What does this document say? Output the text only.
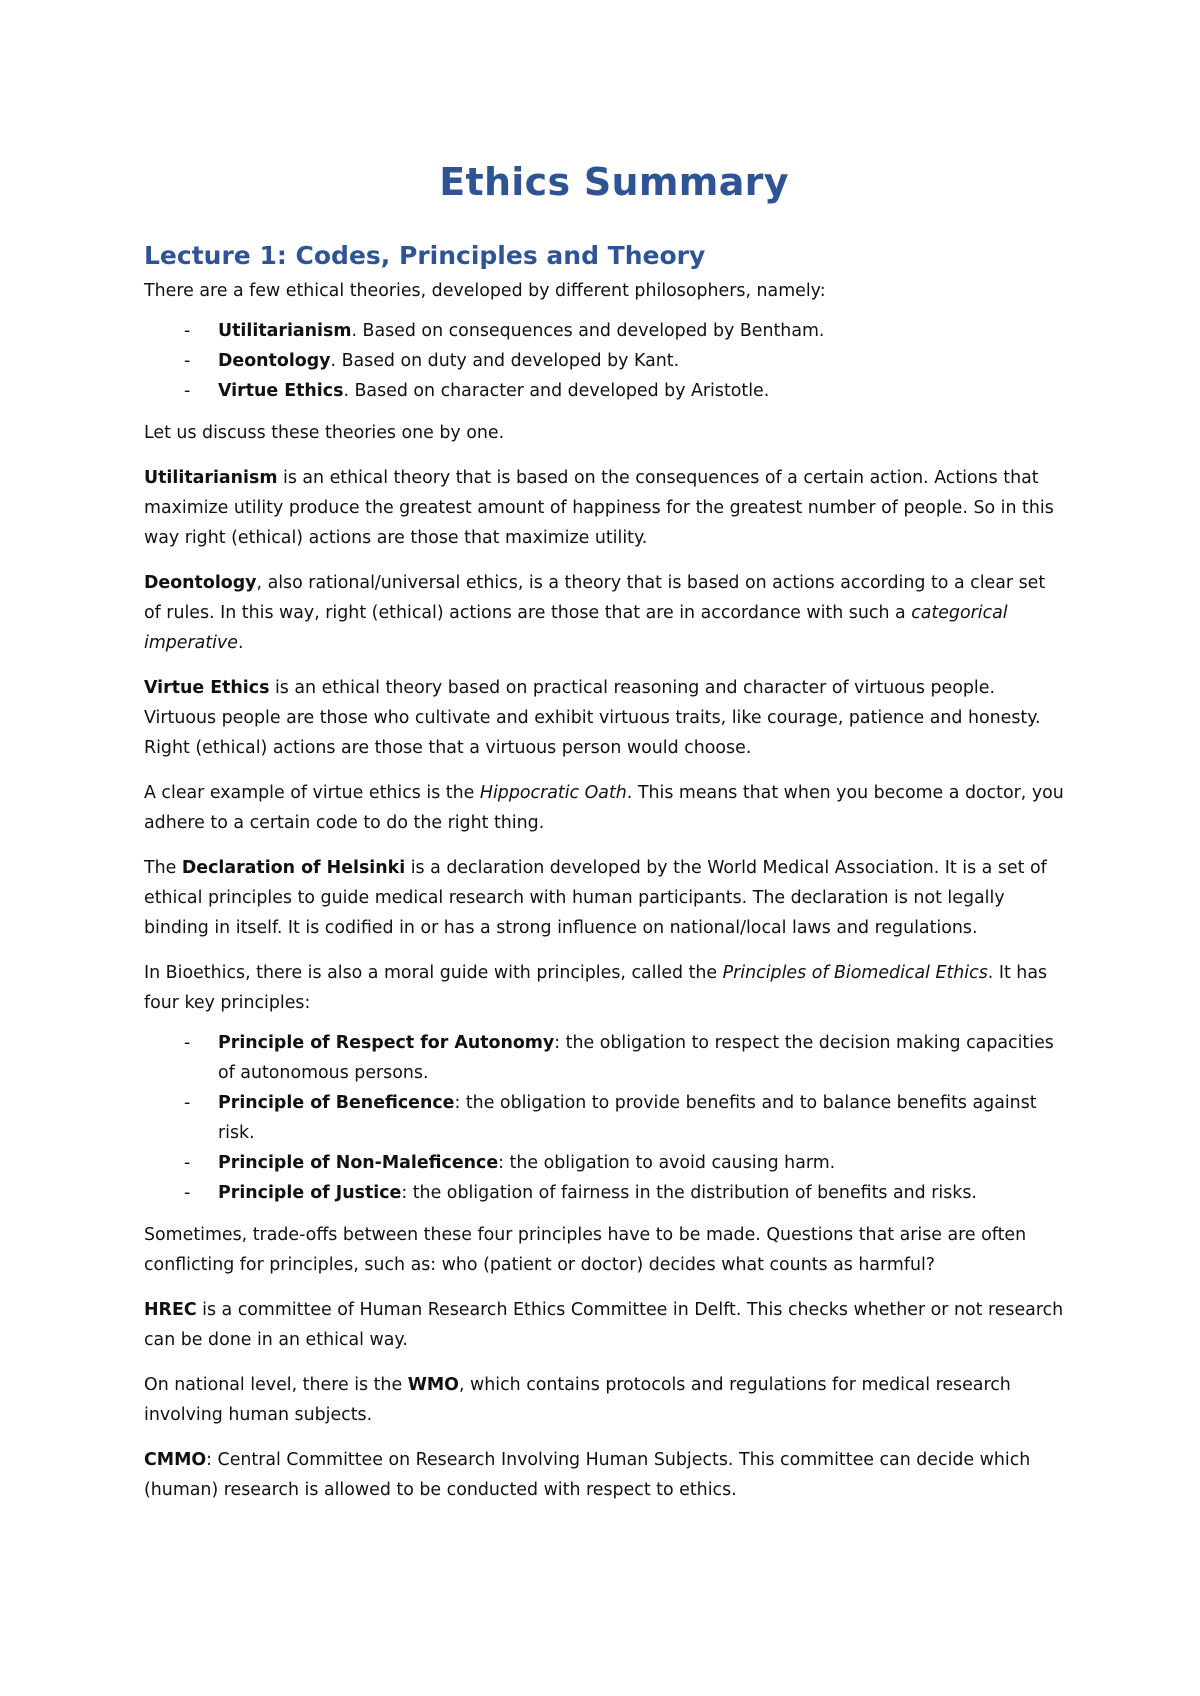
Ethics Summary
Lecture 1: Codes, Principles and Theory

There are a few ethical theories, developed by different philosophers, namely:

- Utilitarianism. Based on consequences and developed by Bentham.
- Deontology. Based on duty and developed by Kant.
- Virtue Ethics. Based on character and developed by Aristotle.

Let us discuss these theories one by one.

Utilitarianism is an ethical theory that is based on the consequences of a certain action. Actions that maximize utility produce the greatest amount of happiness for the greatest number of people. So in this way right (ethical) actions are those that maximize utility.

Deontology, also rational/universal ethics, is a theory that is based on actions according to a clear set of rules. In this way, right (ethical) actions are those that are in accordance with such a categorical imperative.

Virtue Ethics is an ethical theory based on practical reasoning and character of virtuous people. Virtuous people are those who cultivate and exhibit virtuous traits, like courage, patience and honesty. Right (ethical) actions are those that a virtuous person would choose.

A clear example of virtue ethics is the Hippocratic Oath. This means that when you become a doctor, you adhere to a certain code to do the right thing.

The Declaration of Helsinki is a declaration developed by the World Medical Association. It is a set of ethical principles to guide medical research with human participants. The declaration is not legally binding in itself. It is codified in or has a strong influence on national/local laws and regulations.

In Bioethics, there is also a moral guide with principles, called the Principles of Biomedical Ethics. It has four key principles:

- Principle of Respect for Autonomy: the obligation to respect the decision making capacities of autonomous persons.
- Principle of Beneficence: the obligation to provide benefits and to balance benefits against risk.
- Principle of Non-Maleficence: the obligation to avoid causing harm.
- Principle of Justice: the obligation of fairness in the distribution of benefits and risks.

Sometimes, trade-offs between these four principles have to be made. Questions that arise are often conflicting for principles, such as: who (patient or doctor) decides what counts as harmful?

HREC is a committee of Human Research Ethics Committee in Delft. This checks whether or not research can be done in an ethical way.

On national level, there is the WMO, which contains protocols and regulations for medical research involving human subjects.

CMMO: Central Committee on Research Involving Human Subjects. This committee can decide which (human) research is allowed to be conducted with respect to ethics.
